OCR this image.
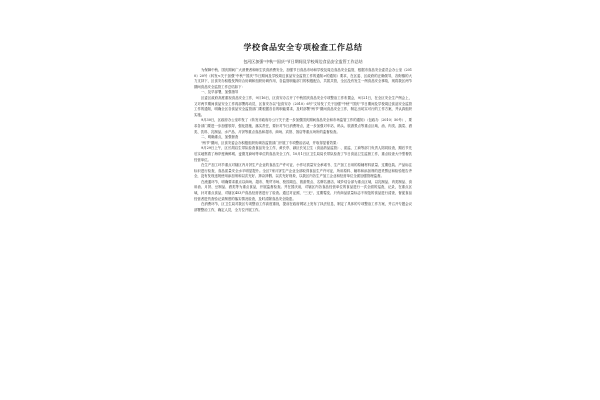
学校食品安全专项检查工作总结
包河区加强"中秋""国庆"节日期间及学校周边食品安全监管工作总结
为保障中秋、国庆期间广大消费者和师生饮食消费安全，加强节日食品市场和学校及周边食品安全监管，根据市食品安全委员会办公室《2010》20号《转发<关于加强"中秋""国庆"节日期间及学校周边食品安全监管工作的通知>的通知》要求，在区委、区政府的正确领导，各街镇的大力支持下，区食安办积极发挥综合协调和组织协调作用，各监管职能部门的积极配合，共抓共管，全区没有发生一例食品安全事故，现将我区两节期间食品安全监管工作总结如下：
一、及早部署，加强指导
区委区政府高度重视食品安全工作，9月16日，区食安办召开了中秋国庆食品安全专项整治工作布置会，9月21日，在全区安全生产例会上，又对两节期间食品安全工作再部署再动员，区食安办以"包食安办（2010）6号"文转发了关于加强"中秋""国庆"节日期间及学校周边食品安全监管工作的通知，明确全区各食品安全监管部门要根据各自的职能要求，及时部署"两节"期间食品安全工作，制定出切实可行的工作方案，并认真组织实施。
9月30日，区政府办公室印发了《转发市政府办公厅关于进一步加强国庆期间食品安全和市场监管工作的通知》（包政办〔2010〕50号），要求各部门要进一步加强领导，强化措施，落实责任，要针对节日消费特点，进一步加强对车站、码头、旅游景点等重点区域，油、肉类、蔬菜、酒类、饮料、乳制品、水产品、月饼等重点食品和超市、商场、宾馆、饭店等重点场所的监督检查。
二、明确重点，加强督查
"两节"期间，区食安委会办积极组织协调各监管部门开展了专项整治活动，并取得显著效果：
9月29日上午，区长胡启生带队检查食品安全工作，黄长亭、副区长吴卫生（食品药品监管）、质监、工商等部门负责人陪同检查，期后节先后实地察看了海岸莲海鲜城、麦德龙商场等单位的食品安全工作，10月1日区卫生局局长带队检查了节日食品卫生监督工作，重点检查大中型餐饮经营单位。
在生产加工环节重点对辖区内月饼生产企业的食品生产许可证、小作坊质量安全承诺书、生产加工日用的原辅材料质量、过期包装、产品标注标识进行检查，食品质量安全水平明显提升。全区7家月饼生产企业全部取得食品生产许可证，所用原料、辅料和添加剂的进货票证和检验报告齐全，没有发现违规使用添加剂和以次充好、掺杂掺假、以次充好现象，以我区内各生产加工企业和经营单位全面加强管理监督。
在流通环节，明确要求重点以商场、超市、集贸市场、校园周边、旅游景点、名牌名酒店、城乡结合部为重点区域，以乳制品、肉类制品、食用油、月饼、豆制品、酒类等为重点食品，开展监督检查。并在国庆前，对辖区内各食品经营单位的食品进行一次全面的巡查，记录，在重点区域，针对重点食品，对辖区453户食品经营者进行了检查。通过对证照、"三无"、过期霉变、只有商品质量标志不规范的食品进行清查，督促食品经营者进货查验记录制度的落实情况检查，及时清除食品安全隐患。
在消费环节，区卫生局对我区专项整治工作高度重视，提前在政府网站上发布了执法信息，制定了具体的专项整治工作方案，并召开专题会议部署整治工作，确定人员，全方位开展工作。
